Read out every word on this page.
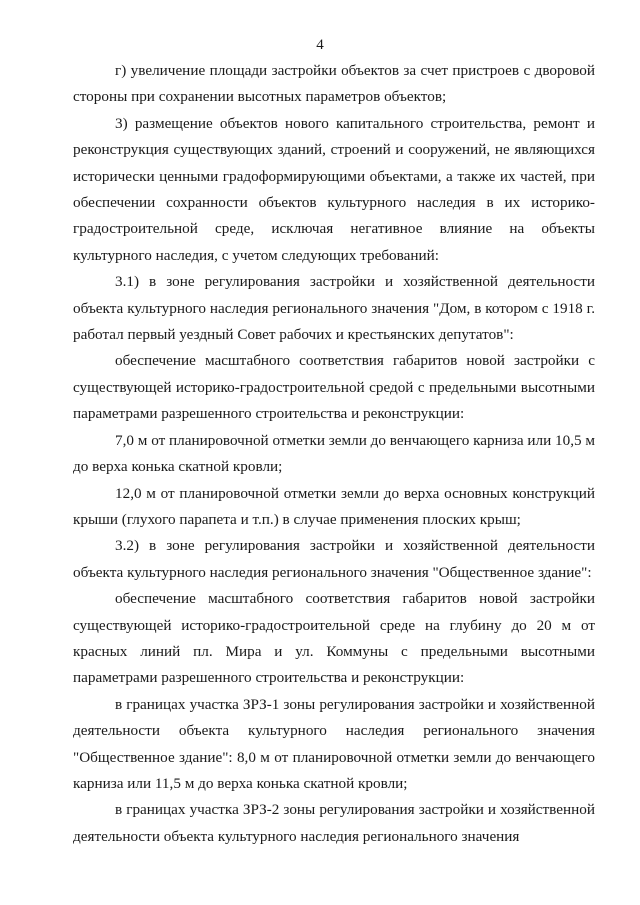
4

г) увеличение площади застройки объектов за счет пристроев с дворовой стороны при сохранении высотных параметров объектов;

3) размещение объектов нового капитального строительства, ремонт и реконструкция существующих зданий, строений и сооружений, не являющихся исторически ценными градоформирующими объектами, а также их частей, при обеспечении сохранности объектов культурного наследия в их историко-градостроительной среде, исключая негативное влияние на объекты культурного наследия, с учетом следующих требований:

3.1) в зоне регулирования застройки и хозяйственной деятельности объекта культурного наследия регионального значения "Дом, в котором с 1918 г. работал первый уездный Совет рабочих и крестьянских депутатов":

обеспечение масштабного соответствия габаритов новой застройки с существующей историко-градостроительной средой с предельными высотными параметрами разрешенного строительства и реконструкции:

7,0 м от планировочной отметки земли до венчающего карниза или 10,5 м до верха конька скатной кровли;

12,0 м от планировочной отметки земли до верха основных конструкций крыши (глухого парапета и т.п.) в случае применения плоских крыш;

3.2) в зоне регулирования застройки и хозяйственной деятельности объекта культурного наследия регионального значения "Общественное здание":

обеспечение масштабного соответствия габаритов новой застройки существующей историко-градостроительной среде на глубину до 20 м от красных линий пл. Мира и ул. Коммуны с предельными высотными параметрами разрешенного строительства и реконструкции:

в границах участка ЗРЗ-1 зоны регулирования застройки и хозяйственной деятельности объекта культурного наследия регионального значения "Общественное здание": 8,0 м от планировочной отметки земли до венчающего карниза или 11,5 м до верха конька скатной кровли;

в границах участка ЗРЗ-2 зоны регулирования застройки и хозяйственной деятельности объекта культурного наследия регионального значения
